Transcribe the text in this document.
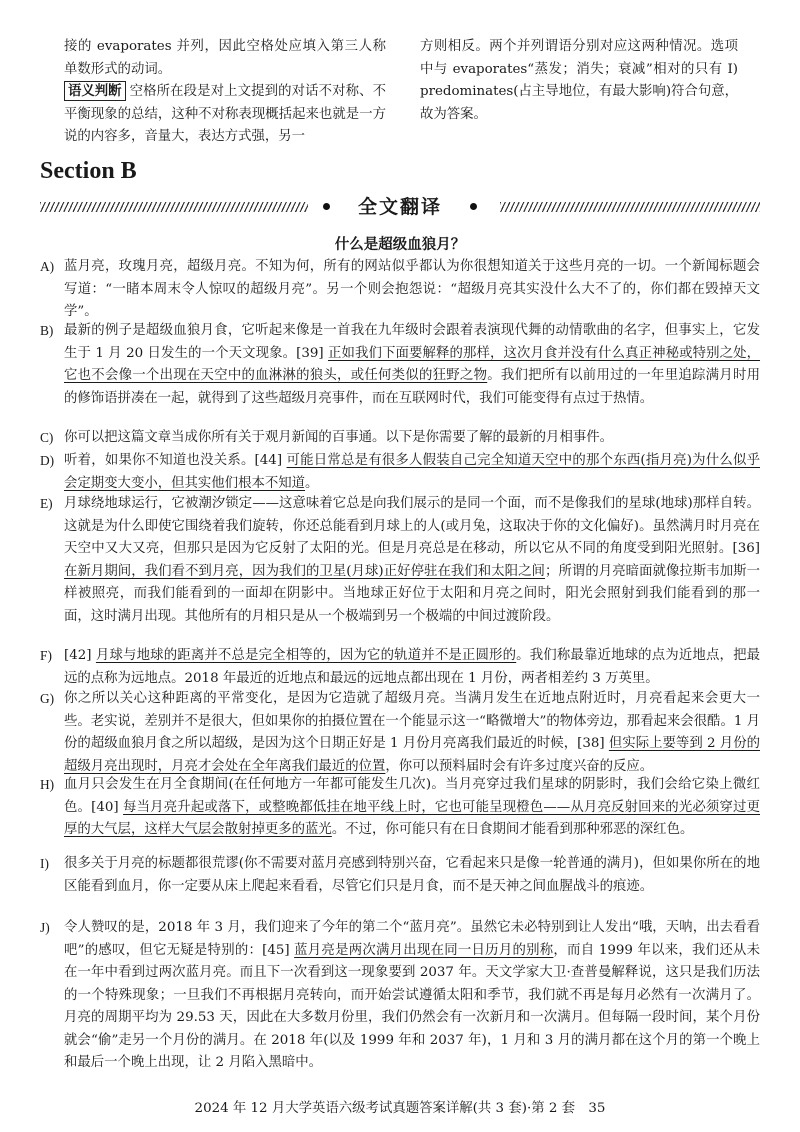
接的 evaporates 并列，因此空格处应填入第三人称单数形式的动词。
语义判断 空格所在段是对上文提到的对话不对称、不平衡现象的总结，这种不对称表现概括起来也就是一方说的内容多，音量大，表达方式强，另一
方则相反。两个并列谓语分别对应这两种情况。选项中与 evaporates“蒸发；消失；衰减”相对的只有 I) predominates(占主导地位，有最大影响)符合句意，故为答案。
Section B
全文翻译
什么是超级血狼月？
A) 蓝月亮，玫瑰月亮，超级月亮。不知为何，所有的网站似乎都认为你很想知道关于这些月亮的一切。一个新闻标题会写道：“一睹本周末令人惊叹的超级月亮”。另一个则会抱怨说：“超级月亮其实没什么大不了的，你们都在毁掉天文学”。
B) 最新的例子是超级血狼月食，它听起来像是一首我在九年级时会跟着表演现代舞的动情歌曲的名字，但事实上，它发生于 1 月 20 日发生的一个天文现象。[39] 正如我们下面要解释的那样，这次月食并没有什么真正神秘或特别之处，它也不会像一个出现在天空中的血淋淋的狼头，或任何类似的狂野之物。我们把所有以前用过的一年里追踪满月时用的修饰语拼凑在一起，就得到了这些超级月亮事件，而在互联网时代，我们可能变得有点过于热情。
C) 你可以把这篇文章当成你所有关于观月新闻的百事通。以下是你需要了解的最新的月相事件。
D) 听着，如果你不知道也没关系。[44] 可能日常总是有很多人假装自己完全知道天空中的那个东西(指月亮)为什么似乎会定期变大变小，但其实他们根本不知道。
E) 月球绕地球运行，它被潮汐锁定——这意味着它总是向我们展示的是同一个面，而不是像我们的星球(地球)那样自转。这就是为什么即使它围绕着我们旋转，你还总能看到月球上的人(或月兔，这取决于你的文化偏好)。虽然满月时月亮在天空中又大又亮，但那只是因为它反射了太阳的光。但是月亮总是在移动，所以它从不同的角度受到阳光照射。[36] 在新月期间，我们看不到月亮，因为我们的卫星(月球)正好停驻在我们和太阳之间；所谓的月亮暗面就像拉斯韦加斯一样被照亮，而我们能看到的一面却在阴影中。当地球正好位于太阳和月亮之间时，阳光会照射到我们能看到的那一面，这时满月出现。其他所有的月相只是从一个极端到另一个极端的中间过渡阶段。
F) [42] 月球与地球的距离并不总是完全相等的，因为它的轨道并不是正圆形的。我们称最靠近地球的点为近地点，把最远的点称为远地点。2018 年最近的近地点和最远的远地点都出现在 1 月份，两者相差约 3 万英里。
G) 你之所以关心这种距离的平常变化，是因为它造就了超级月亮。当满月发生在近地点附近时，月亮看起来会更大一些。老实说，差别并不是很大，但如果你的拍摄位置在一个能显示这一“略微增大”的物体旁边，那看起来会很酷。1 月份的超级血狼月食之所以超级，是因为这个日期正好是 1 月份月亮离我们最近的时候，[38] 但实际上要等到 2 月份的超级月亮出现时，月亮才会处在全年离我们最近的位置，你可以预料届时会有许多过度兴奋的反应。
H) 血月只会发生在月全食期间(在任何地方一年都可能发生几次)。当月亮穿过我们星球的阴影时，我们会给它染上微红色。[40] 每当月亮升起或落下，或整晚都低挂在地平线上时，它也可能呈现橙色——从月亮反射回来的光必须穿过更厚的大气层，这样大气层会散射掉更多的蓝光。不过，你可能只有在日食期间才能看到那种邪恶的深红色。
I)	很多关于月亮的标题都很荒谬(你不需要对蓝月亮感到特别兴奋，它看起来只是像一轮普通的满月)，但如果你所在的地区能看到血月，你一定要从床上爬起来看看，尽管它们只是月食，而不是天神之间血腥战斗的痕迹。
J)	令人赞叹的是，2018 年 3 月，我们迎来了今年的第二个“蓝月亮”。虽然它未必特别到让人发出“哦，天呐，出去看看吧”的感叹，但它无疑是特别的：[45] 蓝月亮是两次满月出现在同一日历月的别称，而自 1999 年以来，我们还从未在一年中看到过两次蓝月亮。而且下一次看到这一现象要到 2037 年。天文学家大卫·查普曼解释说，这只是我们历法的一个特殊现象；一旦我们不再根据月亮转向，而开始尝试遵循太阳和季节，我们就不再是每月必然有一次满月了。月亮的周期平均为 29.53 天，因此在大多数月份里，我们仍然会有一次新月和一次满月。但每隔一段时间，某个月份就会“偷”走另一个月份的满月。在 2018 年(以及 1999 年和 2037 年)，1 月和 3 月的满月都在这个月的第一个晚上和最后一个晚上出现，让 2 月陷入黑暗中。
2024 年 12 月大学英语六级考试真题答案详解(共 3 套)·第 2 套　35
